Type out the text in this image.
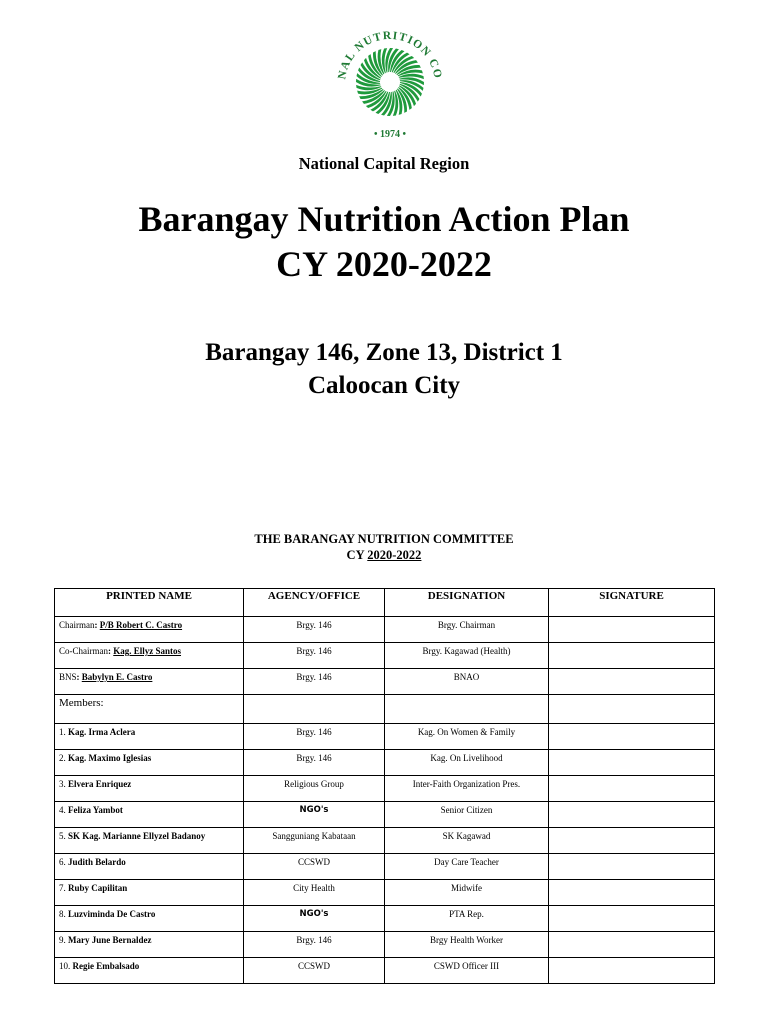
NAL NUTRITION CO
• 1974 •
National Capital Region
Barangay Nutrition Action Plan
CY 2020-2022
Barangay 146, Zone 13, District 1
Caloocan City
THE BARANGAY NUTRITION COMMITTEE
CY 2020-2022
PRINTED NAME	AGENCY/OFFICE	DESIGNATION	SIGNATURE
Chairman: P/B Robert C. Castro	Brgy. 146	Brgy. Chairman	
Co-Chairman: Kag. Ellyz Santos	Brgy. 146	Brgy. Kagawad (Health)	
BNS: Babylyn E. Castro	Brgy. 146	BNAO	
Members:			
1. Kag. Irma Aclera	Brgy. 146	Kag. On Women & Family	
2. Kag. Maximo Iglesias	Brgy. 146	Kag. On Livelihood	
3. Elvera Enriquez	Religious Group	Inter-Faith Organization Pres.	
4. Feliza Yambot	NGO's	Senior Citizen	
5. SK Kag. Marianne Ellyzel Badanoy	Sangguniang Kabataan	SK Kagawad	
6. Judith Belardo	CCSWD	Day Care Teacher	
7. Ruby Capilitan	City Health	Midwife	
8. Luzviminda De Castro	NGO's	PTA Rep.	
9. Mary June Bernaldez	Brgy. 146	Brgy Health Worker	
10. Regie Embalsado	CCSWD	CSWD Officer III	
